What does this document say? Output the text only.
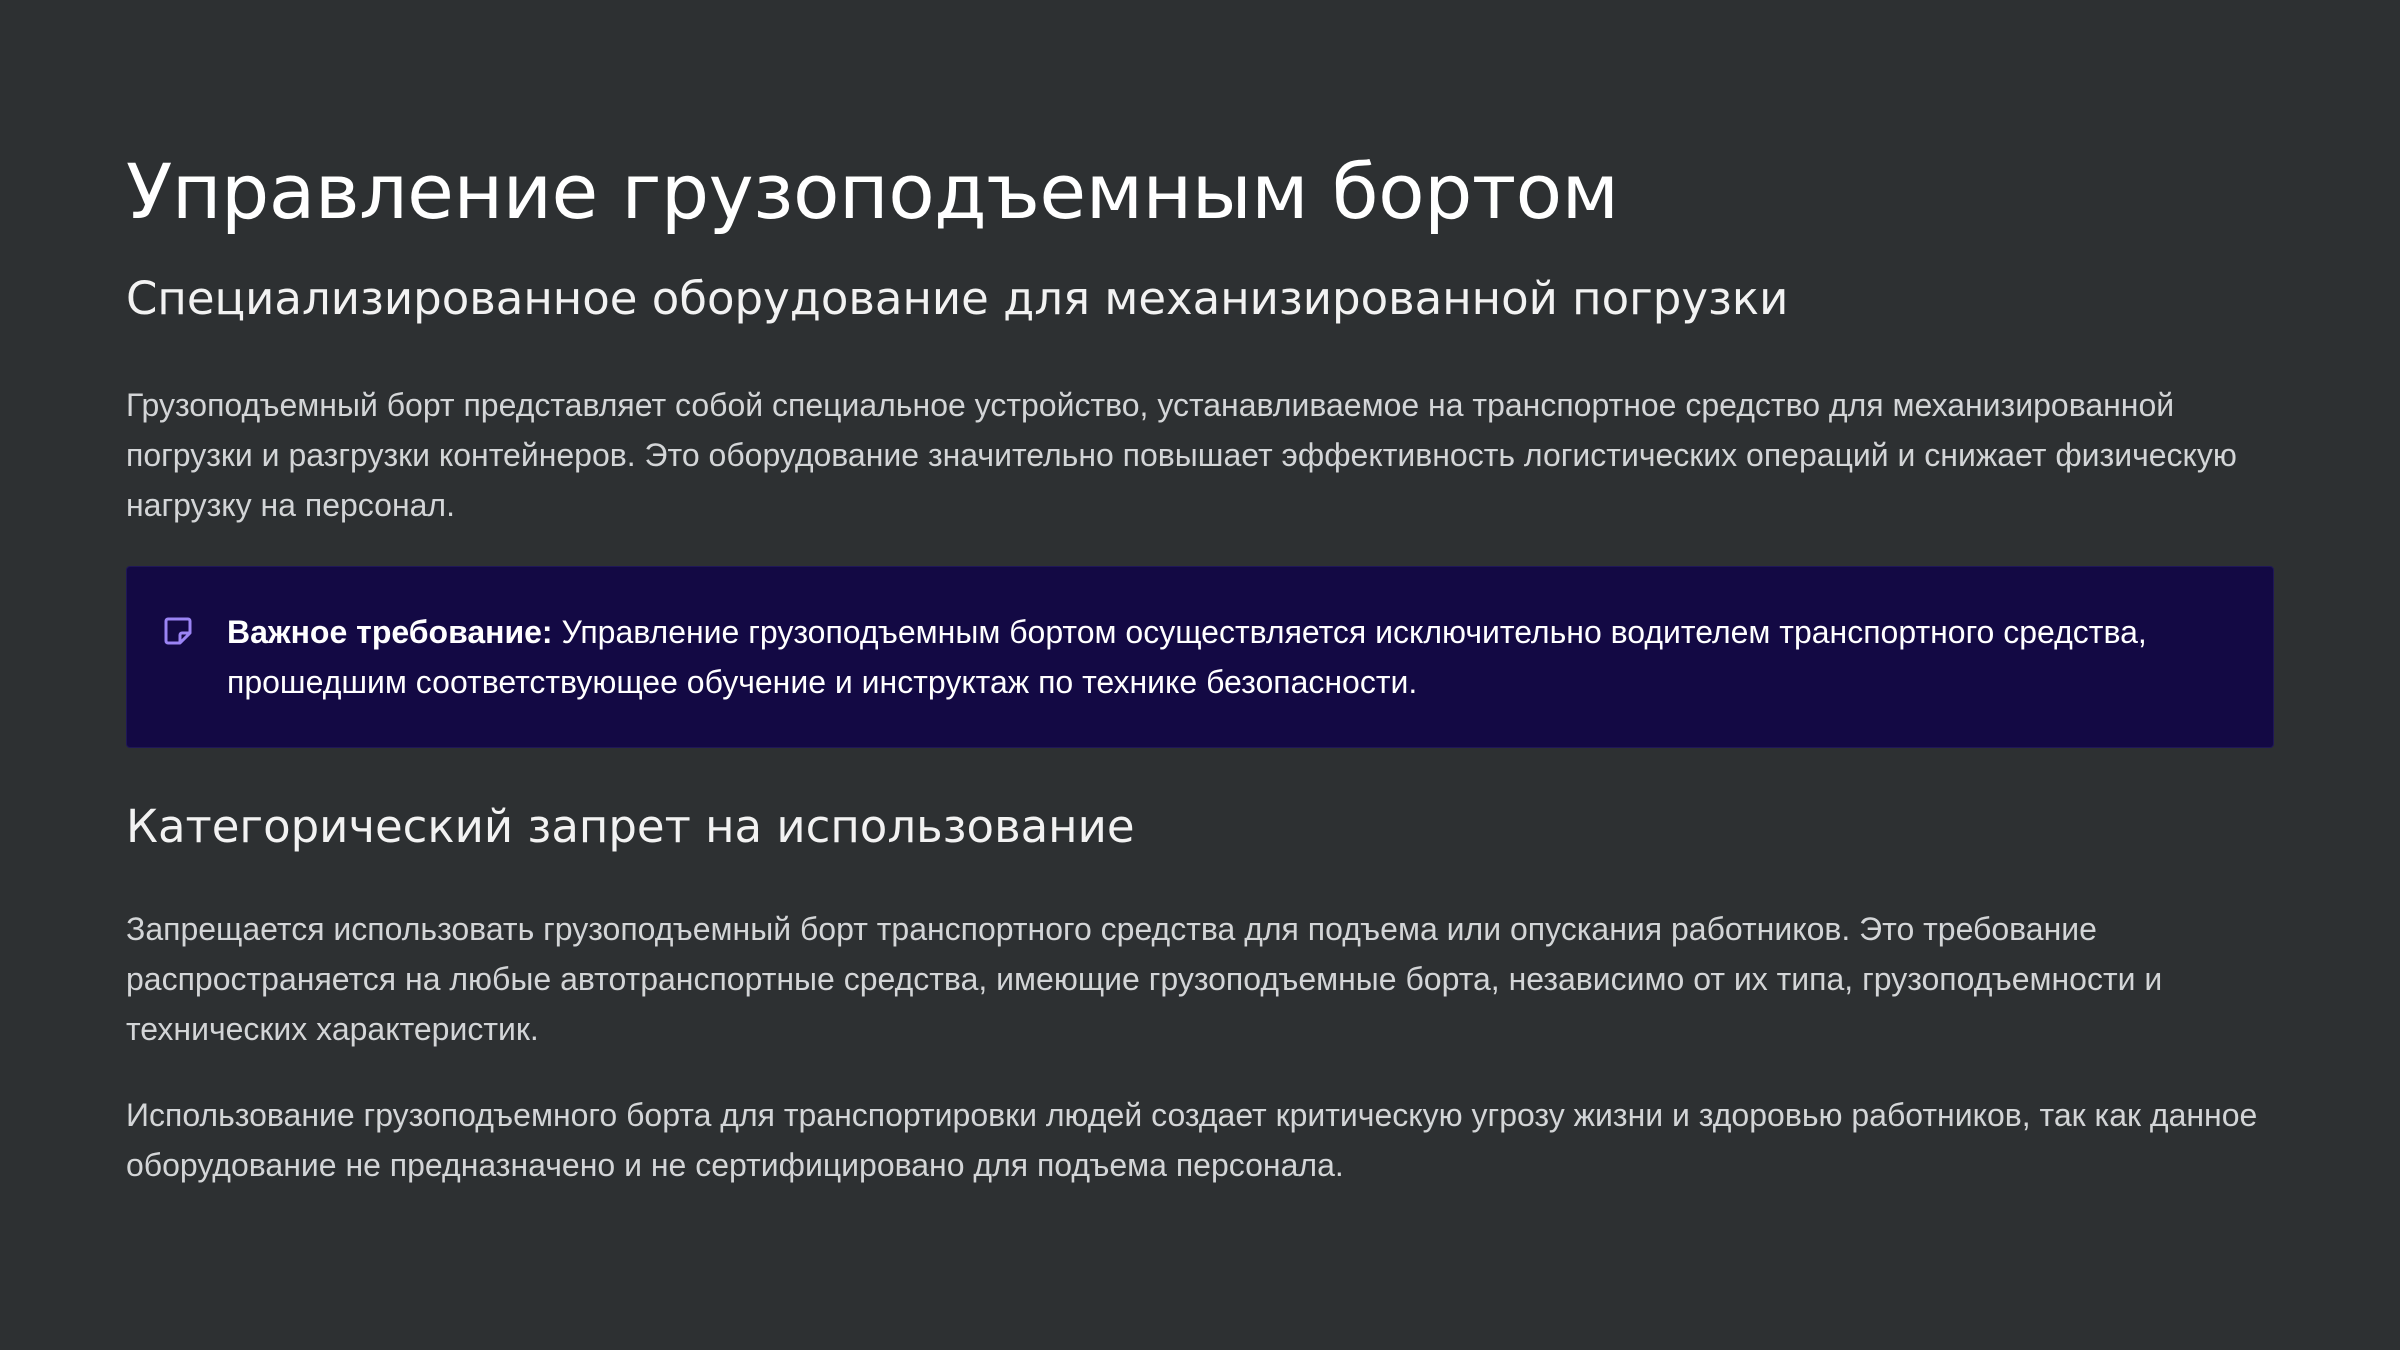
Управление грузоподъемным бортом
Специализированное оборудование для механизированной погрузки

Грузоподъемный борт представляет собой специальное устройство, устанавливаемое на транспортное средство для механизированной погрузки и разгрузки контейнеров. Это оборудование значительно повышает эффективность логистических операций и снижает физическую нагрузку на персонал.

Важное требование: Управление грузоподъемным бортом осуществляется исключительно водителем транспортного средства, прошедшим соответствующее обучение и инструктаж по технике безопасности.

Категорический запрет на использование

Запрещается использовать грузоподъемный борт транспортного средства для подъема или опускания работников. Это требование распространяется на любые автотранспортные средства, имеющие грузоподъемные борта, независимо от их типа, грузоподъемности и технических характеристик.

Использование грузоподъемного борта для транспортировки людей создает критическую угрозу жизни и здоровью работников, так как данное оборудование не предназначено и не сертифицировано для подъема персонала.
